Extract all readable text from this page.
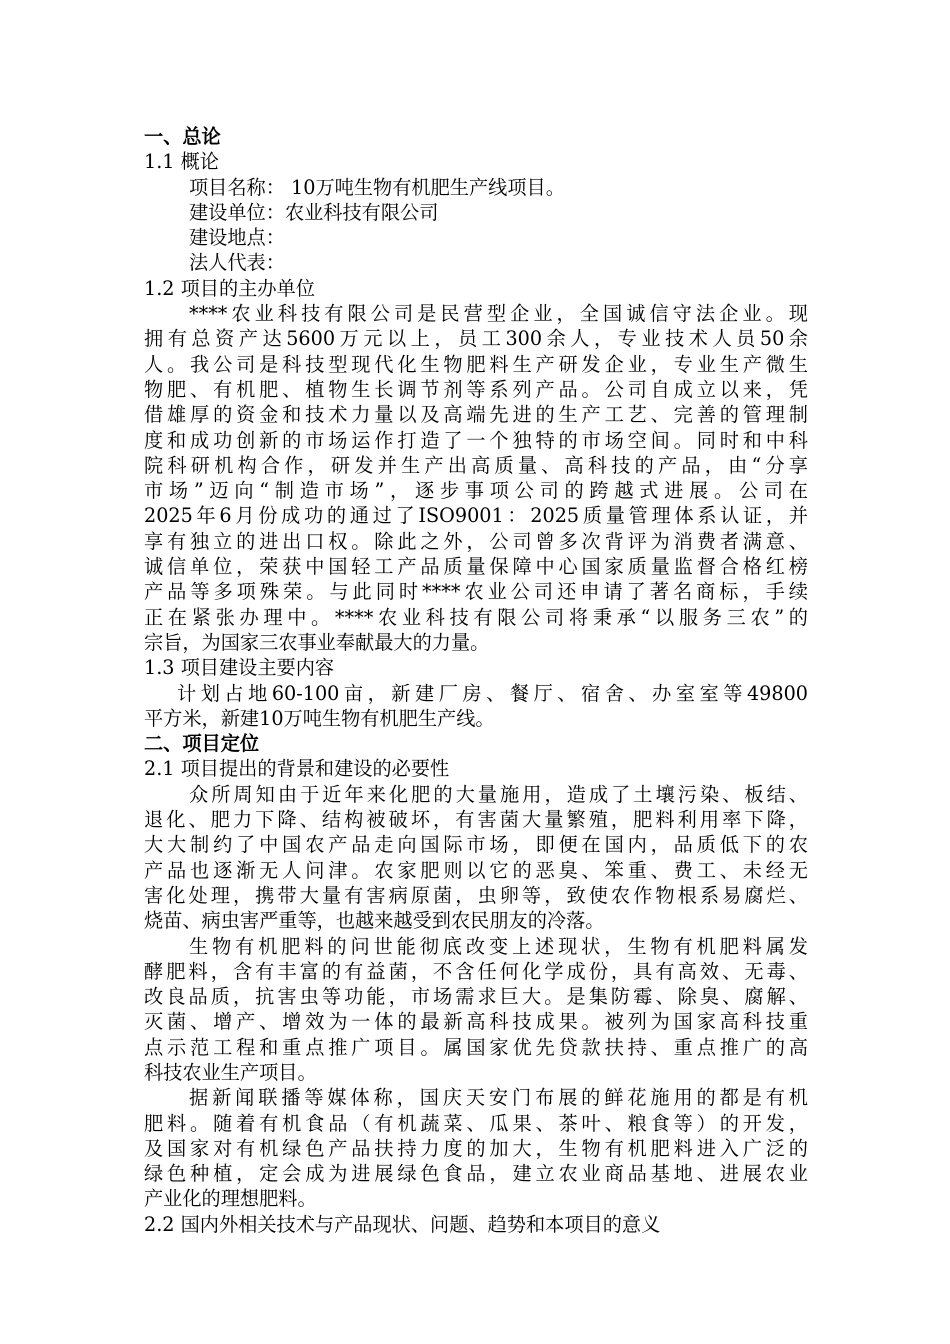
一、总论
1.1 概论
项目名称： 10万吨生物有机肥生产线项目。
建设单位：农业科技有限公司
建设地点：
法人代表：
1.2 项目的主办单位
****农业科技有限公司是民营型企业，全国诚信守法企业。现
拥有总资产达5600万元以上，员工300余人，专业技术人员50余
人。我公司是科技型现代化生物肥料生产研发企业，专业生产微生
物肥、有机肥、植物生长调节剂等系列产品。公司自成立以来，凭
借雄厚的资金和技术力量以及高端先进的生产工艺、完善的管理制
度和成功创新的市场运作打造了一个独特的市场空间。同时和中科
院科研机构合作，研发并生产出高质量、高科技的产品，由“分享
市场”迈向“制造市场”，逐步事项公司的跨越式进展。公司在
2025年6月份成功的通过了ISO9001：2025质量管理体系认证，并
享有独立的进出口权。除此之外，公司曾多次背评为消费者满意、
诚信单位，荣获中国轻工产品质量保障中心国家质量监督合格红榜
产品等多项殊荣。与此同时****农业公司还申请了著名商标，手续
正在紧张办理中。****农业科技有限公司将秉承“以服务三农”的
宗旨，为国家三农事业奉献最大的力量。
1.3 项目建设主要内容
计划占地60-100亩，新建厂房、餐厅、宿舍、办室室等49800
平方米，新建10万吨生物有机肥生产线。
二、项目定位
2.1 项目提出的背景和建设的必要性
众所周知由于近年来化肥的大量施用，造成了土壤污染、板结、
退化、肥力下降、结构被破坏，有害菌大量繁殖，肥料利用率下降，
大大制约了中国农产品走向国际市场，即便在国内，品质低下的农
产品也逐渐无人问津。农家肥则以它的恶臭、笨重、费工、未经无
害化处理，携带大量有害病原菌，虫卵等，致使农作物根系易腐烂、
烧苗、病虫害严重等，也越来越受到农民朋友的冷落。
生物有机肥料的问世能彻底改变上述现状，生物有机肥料属发
酵肥料，含有丰富的有益菌，不含任何化学成份，具有高效、无毒、
改良品质，抗害虫等功能，市场需求巨大。是集防霉、除臭、腐解、
灭菌、增产、增效为一体的最新高科技成果。被列为国家高科技重
点示范工程和重点推广项目。属国家优先贷款扶持、重点推广的高
科技农业生产项目。
据新闻联播等媒体称，国庆天安门布展的鲜花施用的都是有机
肥料。随着有机食品（有机蔬菜、瓜果、茶叶、粮食等）的开发，
及国家对有机绿色产品扶持力度的加大，生物有机肥料进入广泛的
绿色种植，定会成为进展绿色食品，建立农业商品基地、进展农业
产业化的理想肥料。
2.2 国内外相关技术与产品现状、问题、趋势和本项目的意义
